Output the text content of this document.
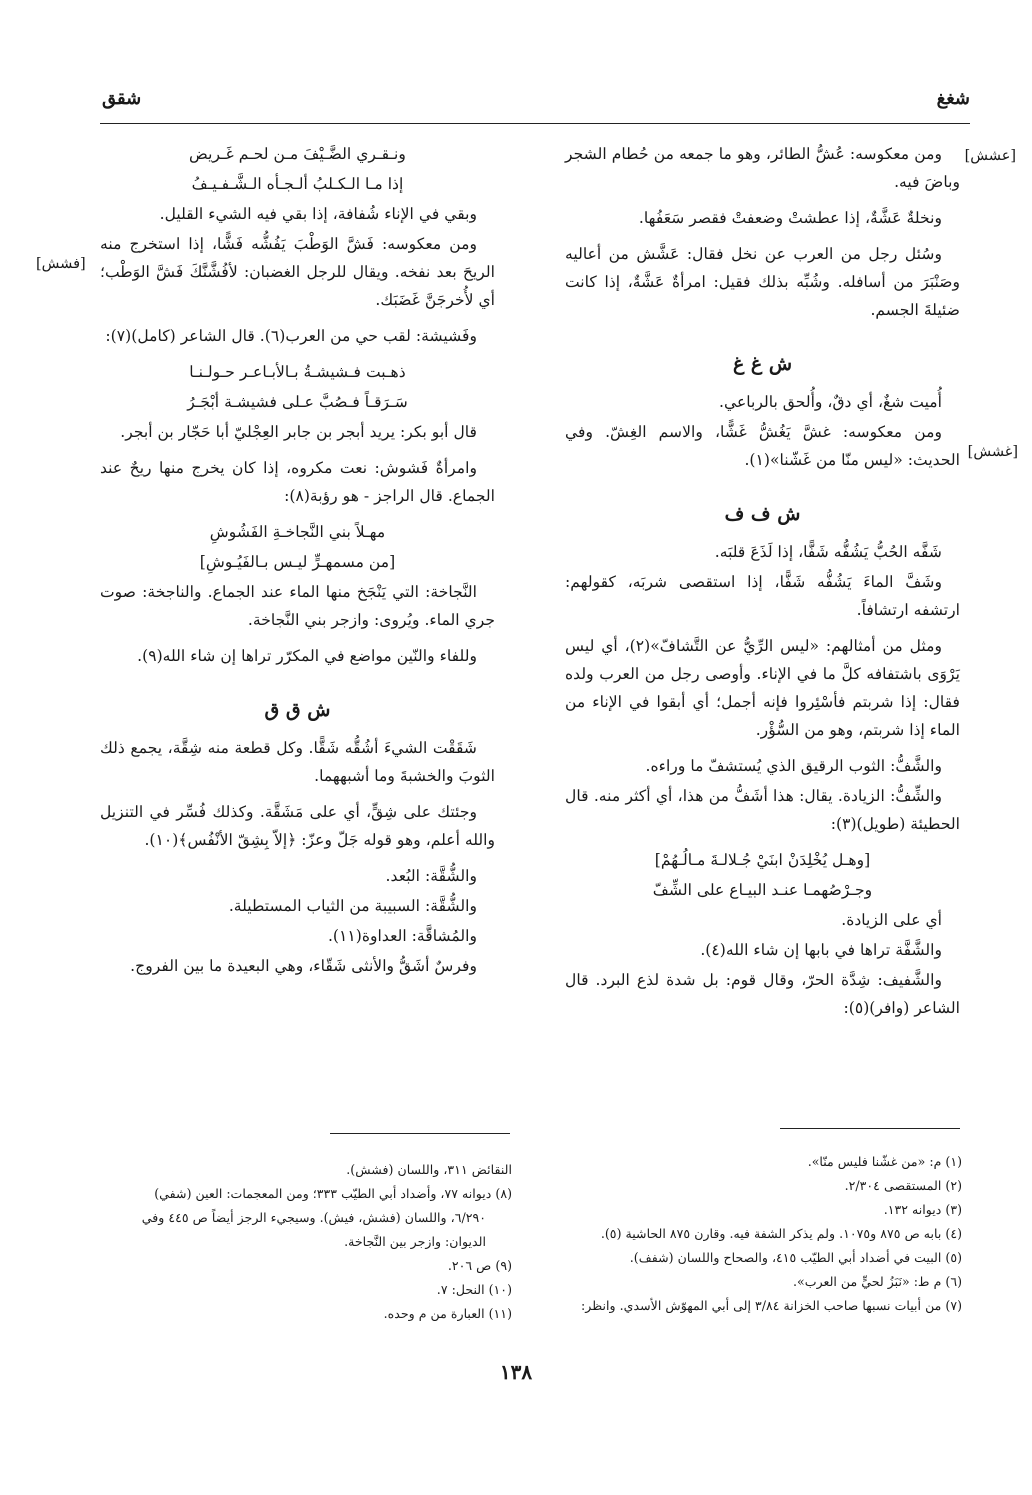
شغغ
شقق
[عشش]
[غشش]
[فشش]

ومن معكوسه: عُشُّ الطائر، وهو ما جمعه من حُطام الشجر وباضَ فيه.

ونخلةٌ عَشَّةٌ، إذا عطشتْ وضعفتْ فقصر سَعَفُها.

وسُئل رجل من العرب عن نخل فقال: عَشَّش من أعاليه وصَنْبَرَ من أسافله. وشُبِّه بذلك فقيل: امرأةٌ عَشَّةٌ، إذا كانت ضئيلةَ الجسم.

ش غ غ

أُميت شغٌ، أي دقٌ، وأُلحق بالرباعي.

ومن معكوسه: غشَّ يَغُشُّ غَشًّا، والاسم الغِشّ. وفي الحديث: «ليس منّا من غَشّنا»(١).

ش ف ف

شَفَّه الحُبُّ يَشُفُّه شَفًّا، إذا لَذَعَ قلبَه.

وشَفَّ الماءَ يَشُفُّه شَفًّا، إذا استقصى شربَه، كقولهم: ارتشفه ارتشافاً.

ومثل من أمثالهم: «ليس الرِّيُّ عن التَّشافّ»(٢)، أي ليس يَرْوَى باشتفافه كلَّ ما في الإناء. وأوصى رجل من العرب ولده فقال: إذا شربتم فأسْئِروا فإنه أجمل؛ أي أبقوا في الإناء من الماء إذا شربتم، وهو من السُّؤْر.

والشَّفُّ: الثوب الرقيق الذي يُستشفّ ما وراءه.

والشِّفُّ: الزيادة. يقال: هذا أشَفُّ من هذا، أي أكثر منه. قال الحطيئة (طويل)(٣):

[وهـل يُخْلِدَنْ ابنَيْ جُـلالـةَ مـالُـهُمْ]

وجـرْصُهمـا عنـد البيـاع على الشِّفّ

أي على الزيادة.

والشَّفَّة تراها في بابها إن شاء الله(٤).

والشَّفيف: شِدَّة الحرّ، وقال قوم: بل شدة لذع البرد. قال الشاعر (وافر)(٥):

ونـقـري الضَّـيْفَ مـن لحـم غَـريض

إذا مـا الـكـلبُ ألـجـأه الـشَّـفـيـفُ

وبقي في الإناء شُفافة، إذا بقي فيه الشيء القليل.

ومن معكوسه: فَشَّ الوَطْبَ يَفُشُّه فَشًّا، إذا استخرج منه الريحَ بعد نفخه. ويقال للرجل الغضبان: لأفُشَّنَّكَ فَشَّ الوَطْب؛ أي لأُخرجَنَّ غَضَبَك.

وفَشيشة: لقب حي من العرب(٦). قال الشاعر (كامل)(٧):

ذهـبت فـشيشـةُ بـالأبـاعـر حـولـنـا

سَـرَقـاً فـصُبَّ عـلى فشيشـة أبْجَـرُ

قال أبو بكر: يريد أبجر بن جابر العِجْليّ أبا حَجّار بن أبجر.

وامرأةٌ فَشوش: نعت مكروه، إذا كان يخرج منها ريحٌ عند الجماع. قال الراجز - هو رؤبة(٨):

مهـلاً بني النَّجاخـةِ الفَشُوشِ

[من مسمهـرٍّ ليـس بـالفَيُـوشِ]

النَّجاخة: التي يَنْجَخ منها الماء عند الجماع. والناجخة: صوت جري الماء. ويُروى: وازجر بني النَّجاخة.

وللفاء والنّين مواضع في المكرّر تراها إن شاء الله(٩).

ش ق ق

شَقَقْت الشيءَ أشُقُّه شَقًّا. وكل قطعة منه شِقَّة، يجمع ذلك الثوبَ والخشبةَ وما أشبههما.

وجئتك على شِقٍّ، أي على مَشَقَّة. وكذلك فُسِّر في التنزيل والله أعلم، وهو قوله جَلّ وعزّ: ﴿إلاّ بِشِقّ الأنْفُس﴾(١٠).

والشُّقَّة: البُعد.

والشُّقَّة: السبيبة من الثياب المستطيلة.

والمُشاقَّة: العداوة(١١).

وفرسٌ أشَقُّ والأنثى شَقّاء، وهي البعيدة ما بين الفروج.

(١) م: «من غشّنا فليس منّا».
(٢) المستقصى ٢/٣٠٤.
(٣) ديوانه ١٣٢.
(٤) بابه ص ٨٧٥ و١٠٧٥. ولم يذكر الشفة فيه. وقارن ٨٧٥ الحاشية (٥).
(٥) البيت في أضداد أبي الطيّب ٤١٥، والصحاح واللسان (شفف).
(٦) م ط: «نَبَزُ لحيٍّ من العرب».
(٧) من أبيات نسبها صاحب الخزانة ٣/٨٤ إلى أبي المهوّش الأسدي. وانظر:
النقائض ٣١١، واللسان (فشش).
(٨) ديوانه ٧٧، وأضداد أبي الطيّب ٣٣٣؛ ومن المعجمات: العين (شفي)
٦/٢٩٠، واللسان (فشش، فيش). وسيجيء الرجز أيضاً ص ٤٤٥ وفي
الديوان: وازجر بين النَّجاخة.
(٩) ص ٢٠٦.
(١٠) النحل: ٧.
(١١) العبارة من م وحده.
١٣٨
